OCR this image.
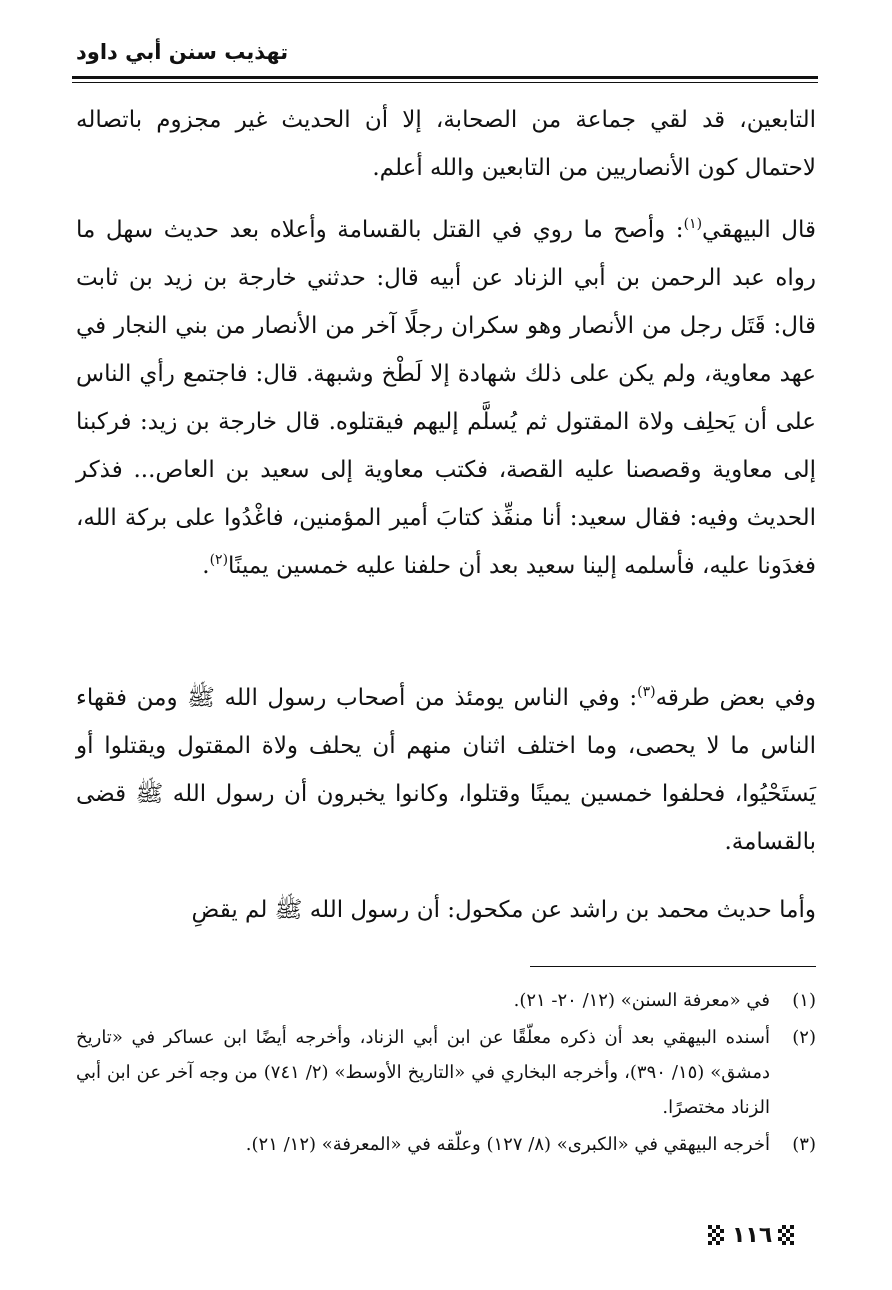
تهذيب سنن أبي داود

التابعين، قد لقي جماعة من الصحابة، إلا أن الحديث غير مجزوم باتصاله لاحتمال كون الأنصاريين من التابعين والله أعلم.

قال البيهقي$^{(١)}$: وأصح ما روي في القتل بالقسامة وأعلاه بعد حديث سهل ما رواه عبد الرحمن بن أبي الزناد عن أبيه قال: حدثني خارجة بن زيد بن ثابت قال: قَتَل رجل من الأنصار وهو سكران رجلًا آخر من الأنصار من بني النجار في عهد معاوية، ولم يكن على ذلك شهادة إلا لَطْخ وشبهة. قال: فاجتمع رأي الناس على أن يَحلِف ولاة المقتول ثم يُسلَّم إليهم فيقتلوه. قال خارجة بن زيد: فركبنا إلى معاوية وقصصنا عليه القصة، فكتب معاوية إلى سعيد بن العاص... فذكر الحديث وفيه: فقال سعيد: أنا منفِّذ كتابَ أمير المؤمنين، فاغْدُوا على بركة الله، فغدَونا عليه، فأسلمه إلينا سعيد بعد أن حلفنا عليه خمسين يمينًا$^{(٢)}$.

وفي بعض طرقه$^{(٣)}$: وفي الناس يومئذ من أصحاب رسول الله ﷺ ومن فقهاء الناس ما لا يحصى، وما اختلف اثنان منهم أن يحلف ولاة المقتول ويقتلوا أو يَستَحْيُوا، فحلفوا خمسين يمينًا وقتلوا، وكانوا يخبرون أن رسول الله ﷺ قضى بالقسامة.

وأما حديث محمد بن راشد عن مكحول: أن رسول الله ﷺ لم يقضِ

(١)
في «معرفة السنن» (١٢/ ٢٠- ٢١).
(٢)
أسنده البيهقي بعد أن ذكره معلّقًا عن ابن أبي الزناد، وأخرجه أيضًا ابن عساكر في «تاريخ دمشق» (١٥/ ٣٩٠)، وأخرجه البخاري في «التاريخ الأوسط» (٢/ ٧٤١) من وجه آخر عن ابن أبي الزناد مختصرًا.
(٣)
أخرجه البيهقي في «الكبرى» (٨/ ١٢٧) وعلّقه في «المعرفة» (١٢/ ٢١).
١١٦
